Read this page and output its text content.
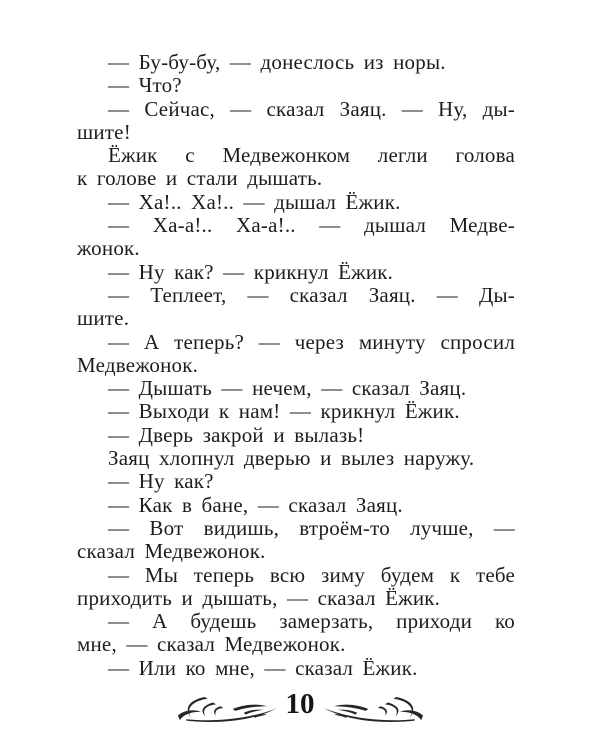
— Бу-бу-бу, — донеслось из норы.
— Что?
— Сейчас, — сказал Заяц. — Ну, ды-
шите!
Ёжик с Медвежонком легли голова
к голове и стали дышать.
— Ха!.. Ха!.. — дышал Ёжик.
— Ха-а!.. Ха-а!.. — дышал Медве-
жонок.
— Ну как? — крикнул Ёжик.
— Теплеет, — сказал Заяц. — Ды-
шите.
— А теперь? — через минуту спросил
Медвежонок.
— Дышать — нечем, — сказал Заяц.
— Выходи к нам! — крикнул Ёжик.
— Дверь закрой и вылазь!
Заяц хлопнул дверью и вылез наружу.
— Ну как?
— Как в бане, — сказал Заяц.
— Вот видишь, втроём-то лучше, —
сказал Медвежонок.
— Мы теперь всю зиму будем к тебе
приходить и дышать, — сказал Ёжик.
— А будешь замерзать, приходи ко
мне, — сказал Медвежонок.
— Или ко мне, — сказал Ёжик.
10
